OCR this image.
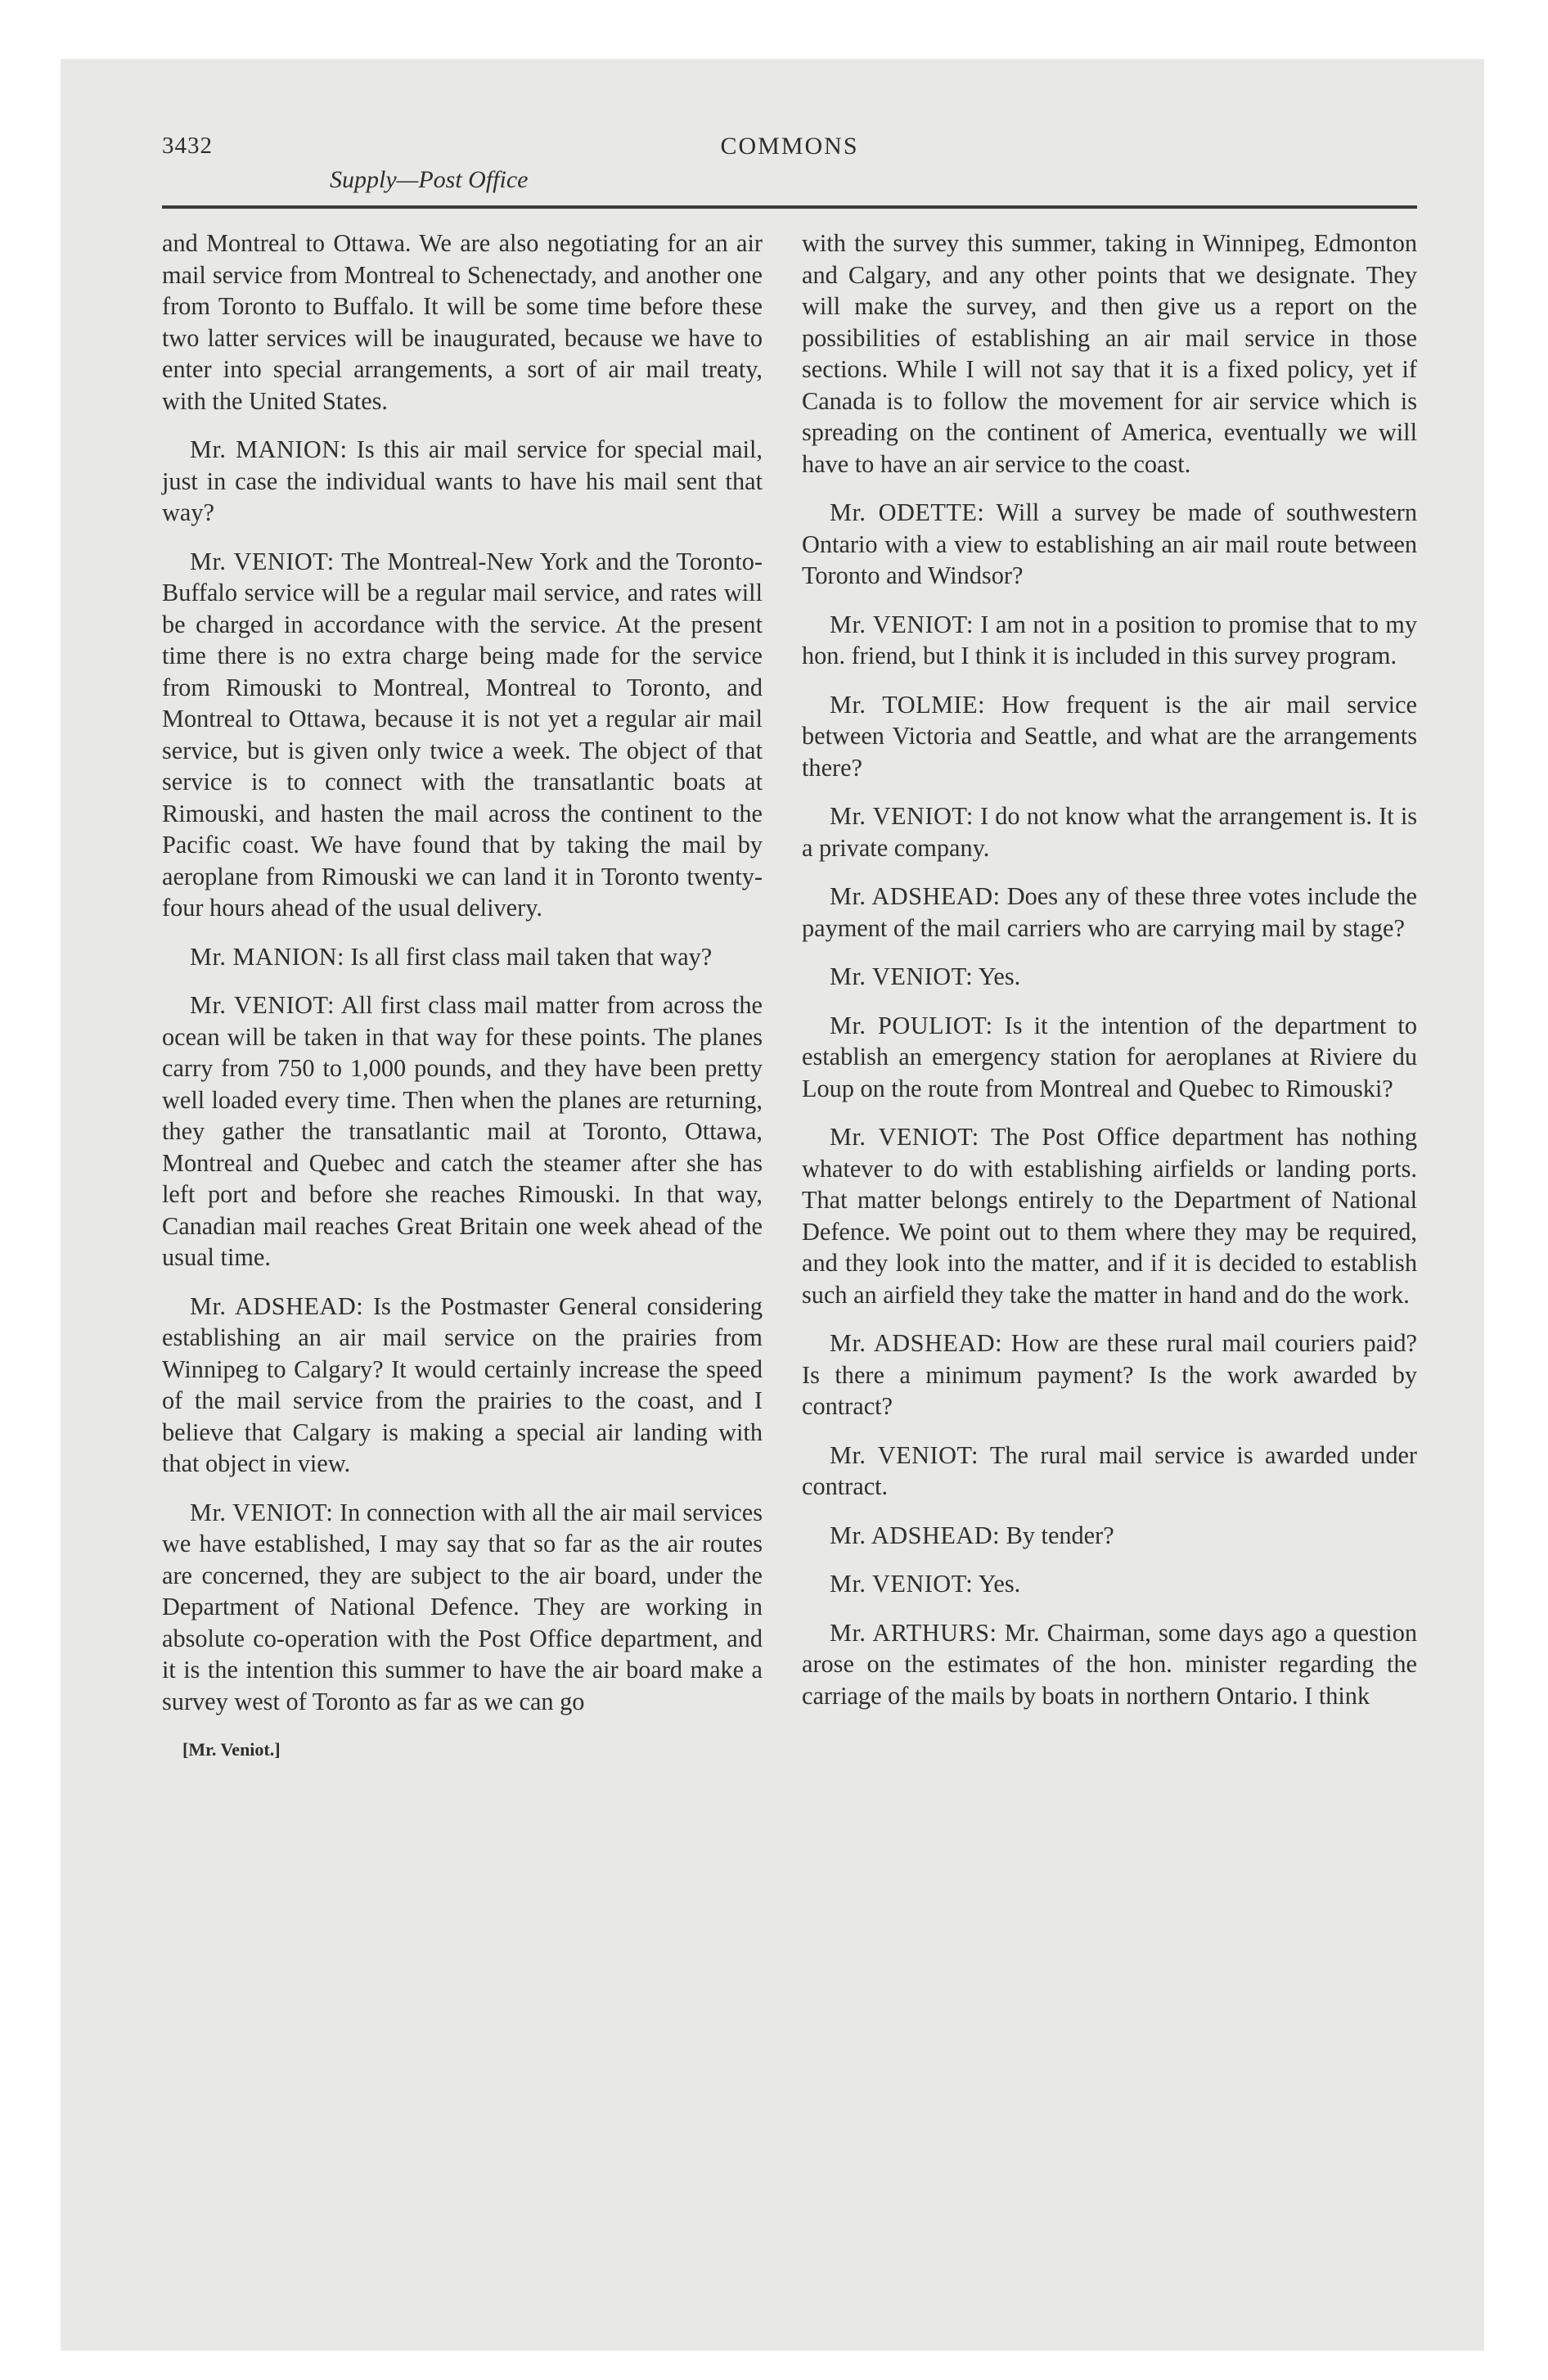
3432	COMMONS
Supply—Post Office

and Montreal to Ottawa. We are also negotiating for an air mail service from Montreal to Schenectady, and another one from Toronto to Buffalo. It will be some time before these two latter services will be inaugurated, because we have to enter into special arrangements, a sort of air mail treaty, with the United States.

Mr. MANION: Is this air mail service for special mail, just in case the individual wants to have his mail sent that way?

Mr. VENIOT: The Montreal-New York and the Toronto-Buffalo service will be a regular mail service, and rates will be charged in accordance with the service. At the present time there is no extra charge being made for the service from Rimouski to Montreal, Montreal to Toronto, and Montreal to Ottawa, because it is not yet a regular air mail service, but is given only twice a week. The object of that service is to connect with the transatlantic boats at Rimouski, and hasten the mail across the continent to the Pacific coast. We have found that by taking the mail by aeroplane from Rimouski we can land it in Toronto twenty-four hours ahead of the usual delivery.

Mr. MANION: Is all first class mail taken that way?

Mr. VENIOT: All first class mail matter from across the ocean will be taken in that way for these points. The planes carry from 750 to 1,000 pounds, and they have been pretty well loaded every time. Then when the planes are returning, they gather the transatlantic mail at Toronto, Ottawa, Montreal and Quebec and catch the steamer after she has left port and before she reaches Rimouski. In that way, Canadian mail reaches Great Britain one week ahead of the usual time.

Mr. ADSHEAD: Is the Postmaster General considering establishing an air mail service on the prairies from Winnipeg to Calgary? It would certainly increase the speed of the mail service from the prairies to the coast, and I believe that Calgary is making a special air landing with that object in view.

Mr. VENIOT: In connection with all the air mail services we have established, I may say that so far as the air routes are concerned, they are subject to the air board, under the Department of National Defence. They are working in absolute co-operation with the Post Office department, and it is the intention this summer to have the air board make a survey west of Toronto as far as we can go

[Mr. Veniot.]

with the survey this summer, taking in Winnipeg, Edmonton and Calgary, and any other points that we designate. They will make the survey, and then give us a report on the possibilities of establishing an air mail service in those sections. While I will not say that it is a fixed policy, yet if Canada is to follow the movement for air service which is spreading on the continent of America, eventually we will have to have an air service to the coast.

Mr. ODETTE: Will a survey be made of southwestern Ontario with a view to establishing an air mail route between Toronto and Windsor?

Mr. VENIOT: I am not in a position to promise that to my hon. friend, but I think it is included in this survey program.

Mr. TOLMIE: How frequent is the air mail service between Victoria and Seattle, and what are the arrangements there?

Mr. VENIOT: I do not know what the arrangement is. It is a private company.

Mr. ADSHEAD: Does any of these three votes include the payment of the mail carriers who are carrying mail by stage?

Mr. VENIOT: Yes.

Mr. POULIOT: Is it the intention of the department to establish an emergency station for aeroplanes at Riviere du Loup on the route from Montreal and Quebec to Rimouski?

Mr. VENIOT: The Post Office department has nothing whatever to do with establishing airfields or landing ports. That matter belongs entirely to the Department of National Defence. We point out to them where they may be required, and they look into the matter, and if it is decided to establish such an airfield they take the matter in hand and do the work.

Mr. ADSHEAD: How are these rural mail couriers paid? Is there a minimum payment? Is the work awarded by contract?

Mr. VENIOT: The rural mail service is awarded under contract.

Mr. ADSHEAD: By tender?

Mr. VENIOT: Yes.

Mr. ARTHURS: Mr. Chairman, some days ago a question arose on the estimates of the hon. minister regarding the carriage of the mails by boats in northern Ontario. I think
